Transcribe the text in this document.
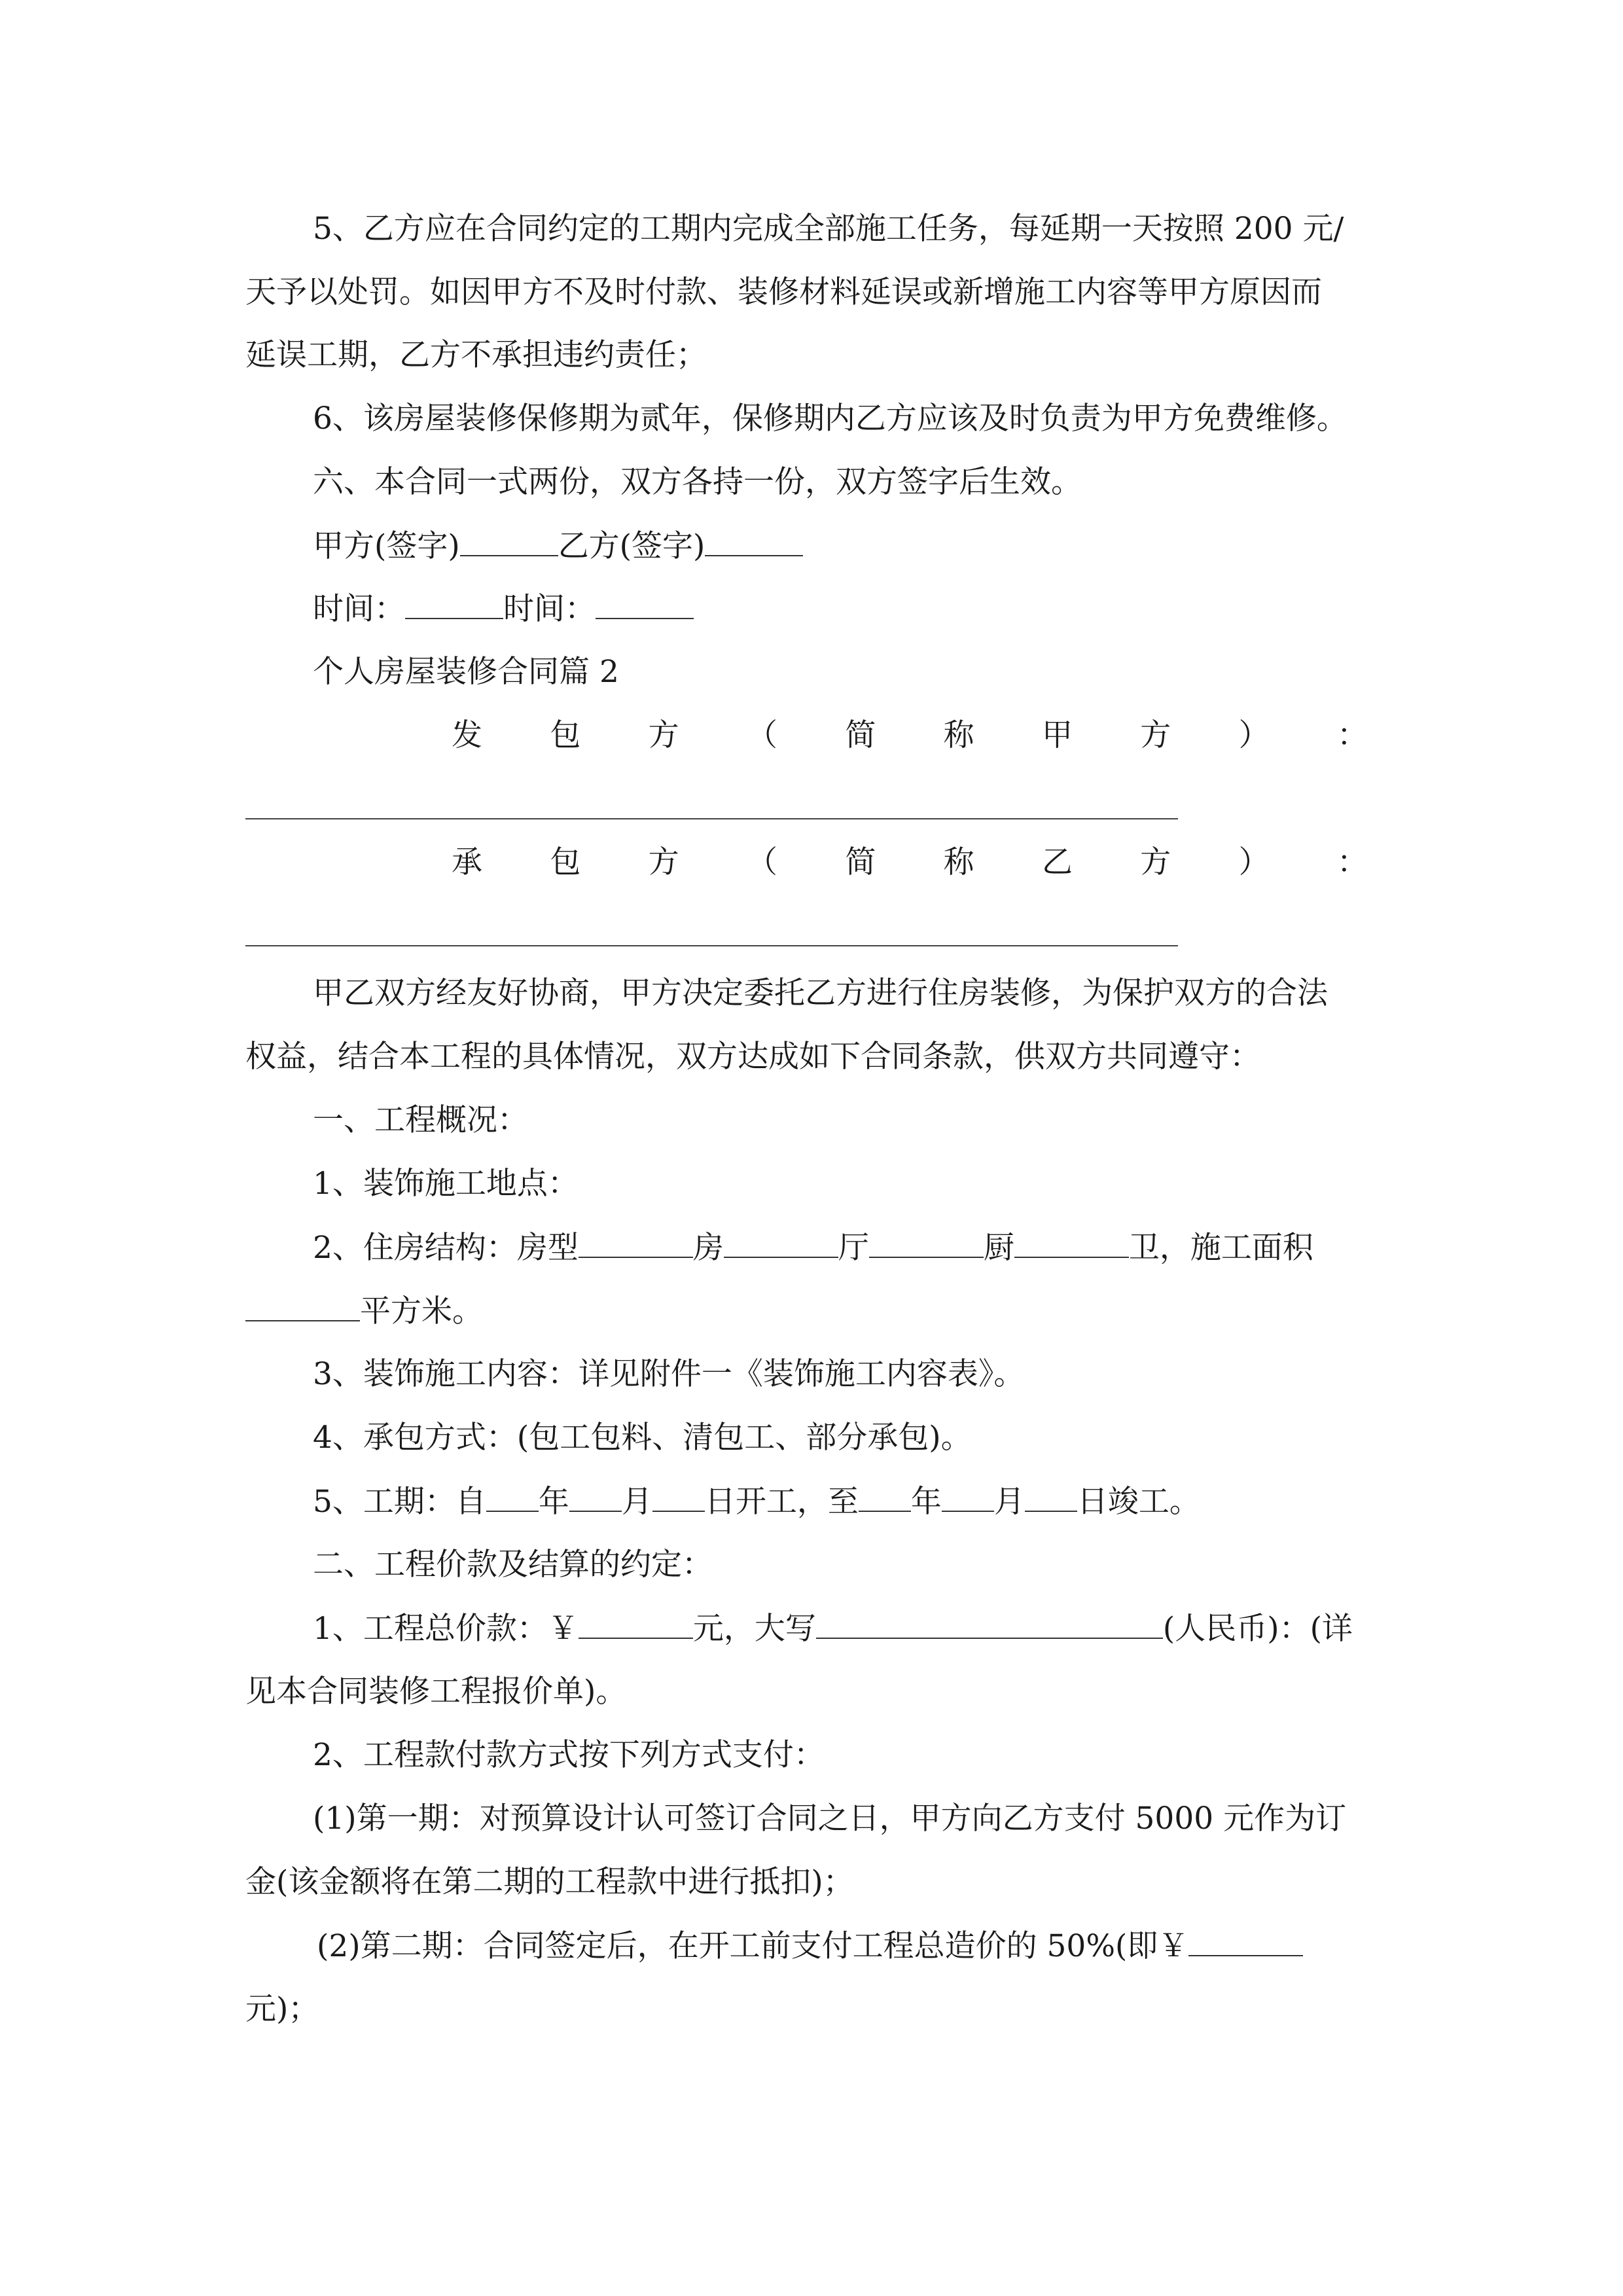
5、乙方应在合同约定的工期内完成全部施工任务，每延期一天按照 200 元/
天予以处罚。如因甲方不及时付款、装修材料延误或新增施工内容等甲方原因而
延误工期，乙方不承担违约责任；
6、该房屋装修保修期为贰年，保修期内乙方应该及时负责为甲方免费维修。
六、本合同一式两份，双方各持一份，双方签字后生效。
甲方(签字)	乙方(签字)
时间：	时间：
个人房屋装修合同篇 2
发 包 方 （ 简 称 甲 方 ） ：
承 包 方 （ 简 称 乙 方 ） ：
甲乙双方经友好协商，甲方决定委托乙方进行住房装修，为保护双方的合法
权益，结合本工程的具体情况，双方达成如下合同条款，供双方共同遵守：
一、工程概况：
1、装饰施工地点：
2、住房结构：房型	房	厅	厨	卫，施工面积
平方米。
3、装饰施工内容：详见附件一《装饰施工内容表》。
4、承包方式：(包工包料、清包工、部分承包)。
5、工期：自 年 月 日开工，至 年 月 日竣工。
二、工程价款及结算的约定：
1、工程总价款：￥	元，大写	(人民币)：(详
见本合同装修工程报价单)。
2、工程款付款方式按下列方式支付：
(1)第一期：对预算设计认可签订合同之日，甲方向乙方支付 5000 元作为订
金(该金额将在第二期的工程款中进行抵扣)；
(2)第二期：合同签定后，在开工前支付工程总造价的 50%(即￥
元)；
